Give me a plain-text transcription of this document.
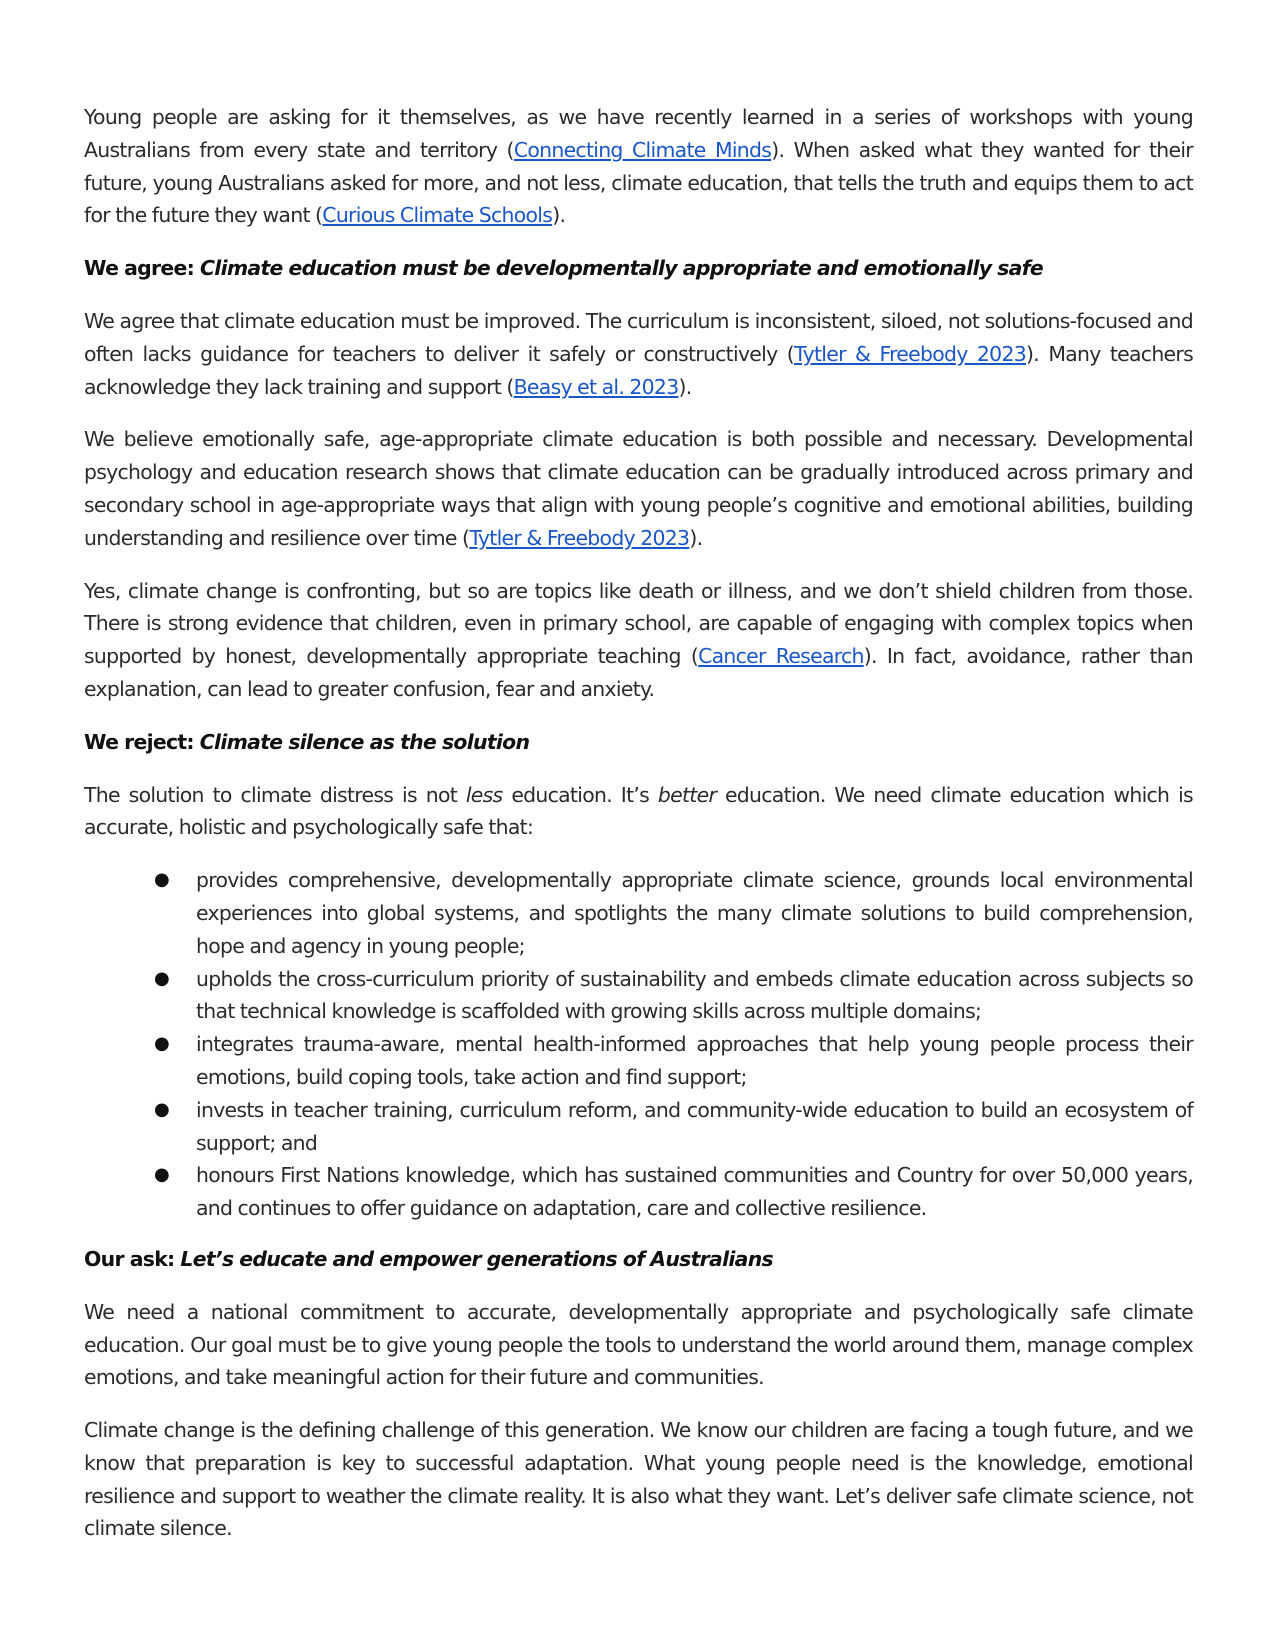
Young people are asking for it themselves, as we have recently learned in a series of workshops with young Australians from every state and territory (Connecting Climate Minds). When asked what they wanted for their future, young Australians asked for more, and not less, climate education, that tells the truth and equips them to act for the future they want (Curious Climate Schools).

We agree: Climate education must be developmentally appropriate and emotionally safe

We agree that climate education must be improved. The curriculum is inconsistent, siloed, not solutions-focused and often lacks guidance for teachers to deliver it safely or constructively (Tytler & Freebody 2023). Many teachers acknowledge they lack training and support (Beasy et al. 2023).

We believe emotionally safe, age-appropriate climate education is both possible and necessary. Developmental psychology and education research shows that climate education can be gradually introduced across primary and secondary school in age-appropriate ways that align with young people’s cognitive and emotional abilities, building understanding and resilience over time (Tytler & Freebody 2023).

Yes, climate change is confronting, but so are topics like death or illness, and we don’t shield children from those. There is strong evidence that children, even in primary school, are capable of engaging with complex topics when supported by honest, developmentally appropriate teaching (Cancer Research). In fact, avoidance, rather than explanation, can lead to greater confusion, fear and anxiety.

We reject: Climate silence as the solution

The solution to climate distress is not less education. It’s better education. We need climate education which is accurate, holistic and psychologically safe that:

● provides comprehensive, developmentally appropriate climate science, grounds local environmental experiences into global systems, and spotlights the many climate solutions to build comprehension, hope and agency in young people;
● upholds the cross-curriculum priority of sustainability and embeds climate education across subjects so that technical knowledge is scaffolded with growing skills across multiple domains;
● integrates trauma-aware, mental health-informed approaches that help young people process their emotions, build coping tools, take action and find support;
● invests in teacher training, curriculum reform, and community-wide education to build an ecosystem of support; and
● honours First Nations knowledge, which has sustained communities and Country for over 50,000 years, and continues to offer guidance on adaptation, care and collective resilience.
Our ask: Let’s educate and empower generations of Australians

We need a national commitment to accurate, developmentally appropriate and psychologically safe climate education. Our goal must be to give young people the tools to understand the world around them, manage complex emotions, and take meaningful action for their future and communities.

Climate change is the defining challenge of this generation. We know our children are facing a tough future, and we know that preparation is key to successful adaptation. What young people need is the knowledge, emotional resilience and support to weather the climate reality. It is also what they want. Let’s deliver safe climate science, not climate silence.
